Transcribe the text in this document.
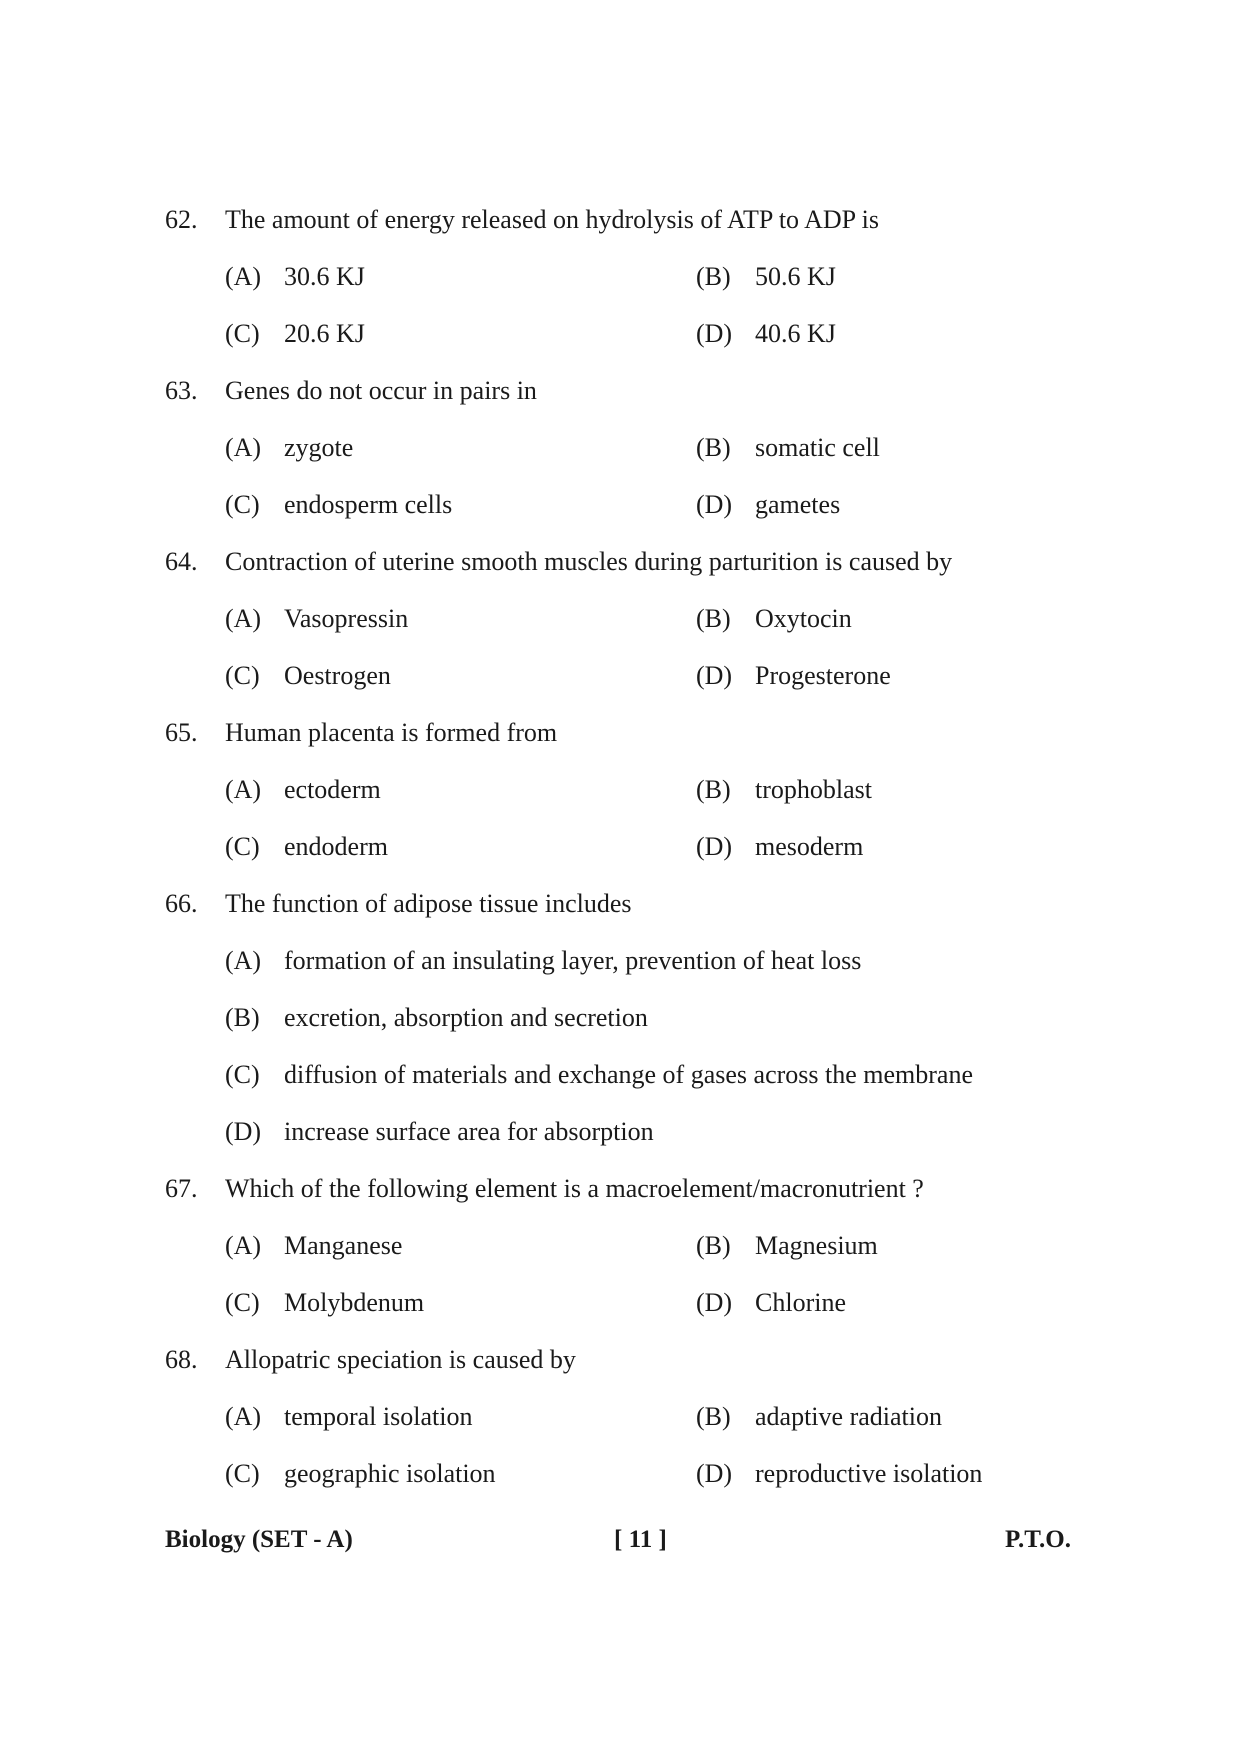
62. The amount of energy released on hydrolysis of ATP to ADP is
(A) 30.6 KJ	(B) 50.6 KJ
(C) 20.6 KJ	(D) 40.6 KJ
63. Genes do not occur in pairs in
(A) zygote	(B) somatic cell
(C) endosperm cells	(D) gametes
64. Contraction of uterine smooth muscles during parturition is caused by
(A) Vasopressin	(B) Oxytocin
(C) Oestrogen	(D) Progesterone
65. Human placenta is formed from
(A) ectoderm	(B) trophoblast
(C) endoderm	(D) mesoderm
66. The function of adipose tissue includes
(A) formation of an insulating layer, prevention of heat loss
(B) excretion, absorption and secretion
(C) diffusion of materials and exchange of gases across the membrane
(D) increase surface area for absorption
67. Which of the following element is a macroelement/macronutrient ?
(A) Manganese	(B) Magnesium
(C) Molybdenum	(D) Chlorine
68. Allopatric speciation is caused by
(A) temporal isolation	(B) adaptive radiation
(C) geographic isolation	(D) reproductive isolation
Biology (SET - A)	[ 11 ]	P.T.O.
